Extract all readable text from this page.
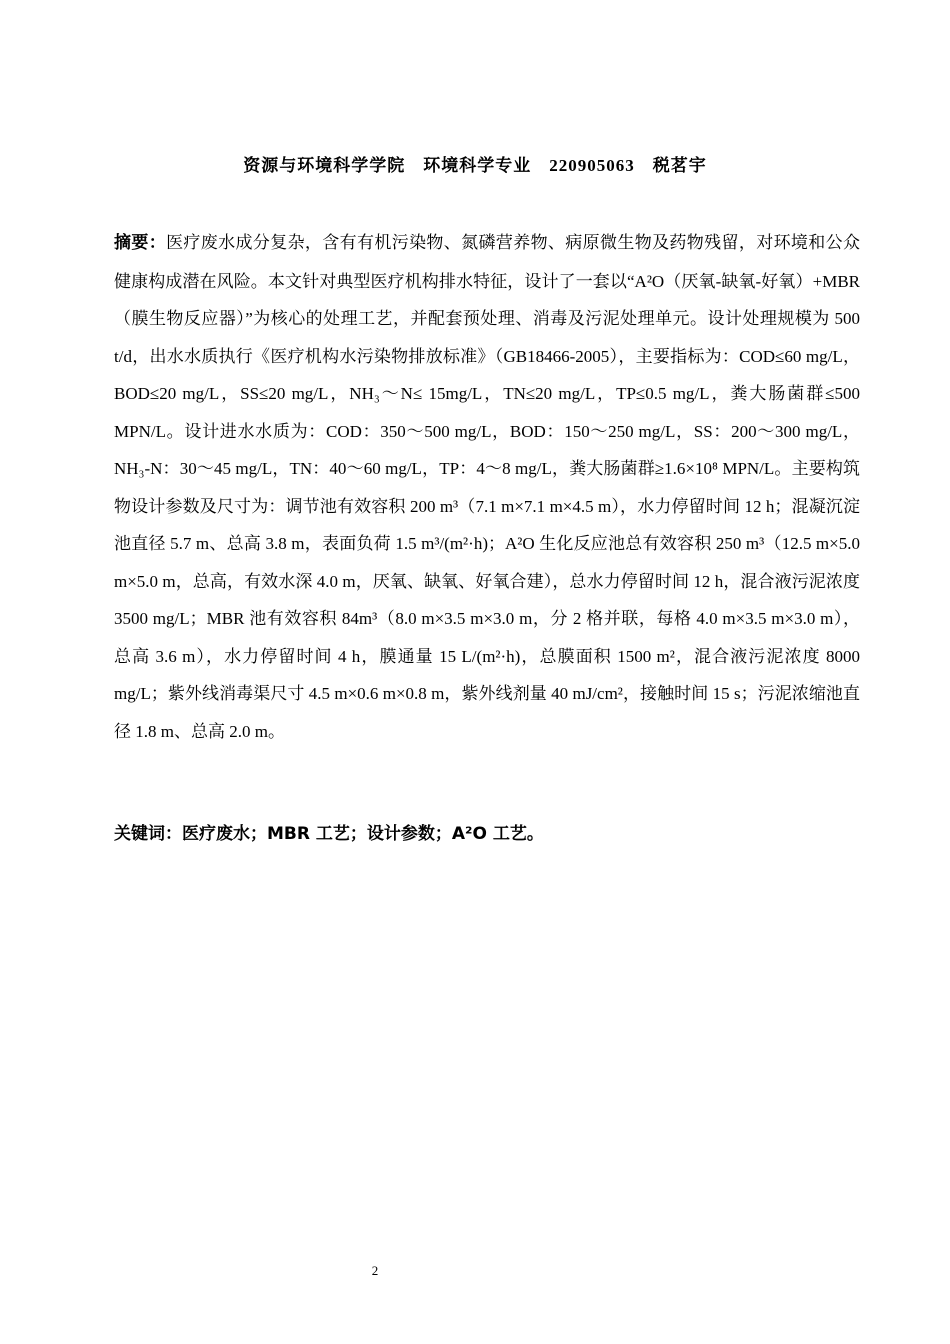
资源与环境科学学院　环境科学专业　220905063　税茗宇
摘要：医疗废水成分复杂，含有有机污染物、氮磷营养物、病原微生物及药物残留，对环境和公众健康构成潜在风险。本文针对典型医疗机构排水特征，设计了一套以“A²O（厌氧-缺氧-好氧）+MBR（膜生物反应器）”为核心的处理工艺，并配套预处理、消毒及污泥处理单元。设计处理规模为 500 t/d，出水水质执行《医疗机构水污染物排放标准》（GB18466-2005），主要指标为：COD≤60 mg/L，BOD≤20 mg/L，SS≤20 mg/L，NH₃～N≤ 15mg/L，TN≤20 mg/L，TP≤0.5 mg/L，粪大肠菌群≤500 MPN/L。设计进水水质为：COD：350～500 mg/L，BOD：150～250 mg/L，SS：200～300 mg/L，NH₃-N：30～45 mg/L，TN：40～60 mg/L，TP：4～8 mg/L，粪大肠菌群≥1.6×10⁸ MPN/L。主要构筑物设计参数及尺寸为：调节池有效容积 200 m³（7.1 m×7.1 m×4.5 m），水力停留时间 12 h；混凝沉淀池直径 5.7 m、总高 3.8 m，表面负荷 1.5 m³/(m²·h)；A²O 生化反应池总有效容积 250 m³（12.5 m×5.0 m×5.0 m，总高，有效水深 4.0 m，厌氧、缺氧、好氧合建），总水力停留时间 12 h，混合液污泥浓度 3500 mg/L；MBR 池有效容积 84m³（8.0 m×3.5 m×3.0 m，分 2 格并联，每格 4.0 m×3.5 m×3.0 m），总高 3.6 m），水力停留时间 4 h，膜通量 15 L/(m²·h)，总膜面积 1500 m²，混合液污泥浓度 8000 mg/L；紫外线消毒渠尺寸 4.5 m×0.6 m×0.8 m，紫外线剂量 40 mJ/cm²，接触时间 15 s；污泥浓缩池直径 1.8 m、总高 2.0 m。
关键词：医疗废水；MBR 工艺；设计参数；A²O 工艺。
2
